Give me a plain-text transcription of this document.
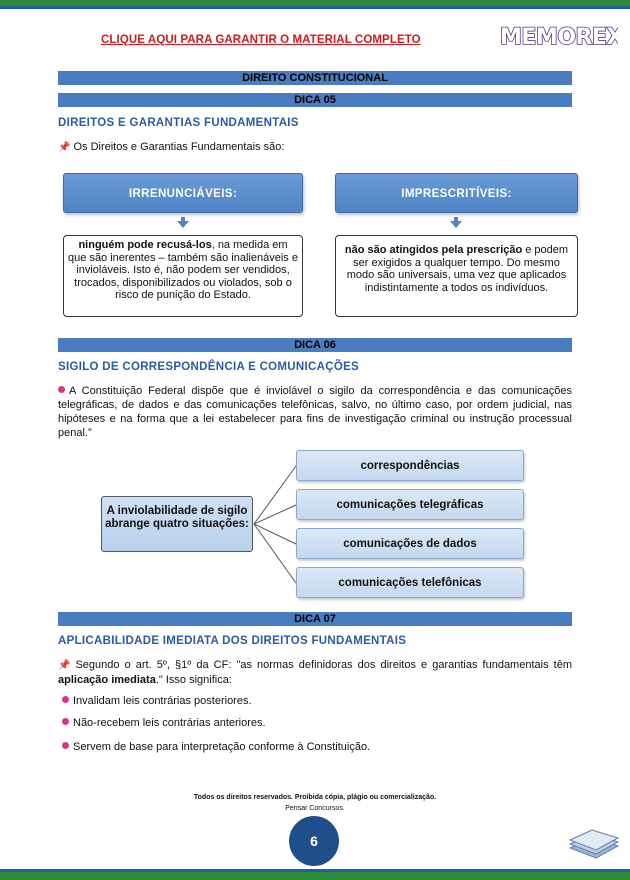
CLIQUE AQUI PARA GARANTIR O MATERIAL COMPLETO	MEMOREX
DIREITO CONSTITUCIONAL
DICA 05
DIREITOS E GARANTIAS FUNDAMENTAIS
📌 Os Direitos e Garantias Fundamentais são:
IRRENUNCIÁVEIS:
ninguém pode recusá-los, na medida em que são inerentes – também são inalienáveis e invioláveis. Isto é, não podem ser vendidos, trocados, disponibilizados ou violados, sob o risco de punição do Estado.
IMPRESCRITÍVEIS:
não são atingidos pela prescrição e podem ser exigidos a qualquer tempo. Do mesmo modo são universais, uma vez que aplicados indistintamente a todos os indivíduos.
DICA 06
SIGILO DE CORRESPONDÊNCIA E COMUNICAÇÕES
A Constituição Federal dispõe que é inviolável o sigilo da correspondência e das comunicações telegráficas, de dados e das comunicações telefônicas, salvo, no último caso, por ordem judicial, nas hipóteses e na forma que a lei estabelecer para fins de investigação criminal ou instrução processual penal.”
A inviolabilidade de sigilo abrange quatro situações:
correspondências
comunicações telegráficas
comunicações de dados
comunicações telefônicas
DICA 07
APLICABILIDADE IMEDIATA DOS DIREITOS FUNDAMENTAIS
📌 Segundo o art. 5º, §1º da CF: "as normas definidoras dos direitos e garantias fundamentais têm aplicação imediata." Isso significa:
Invalidam leis contrárias posteriores.
Não-recebem leis contrárias anteriores.
Servem de base para interpretação conforme à Constituição.
Todos os direitos reservados. Proibida cópia, plágio ou comercialização.
Pensar Concursos.
6
